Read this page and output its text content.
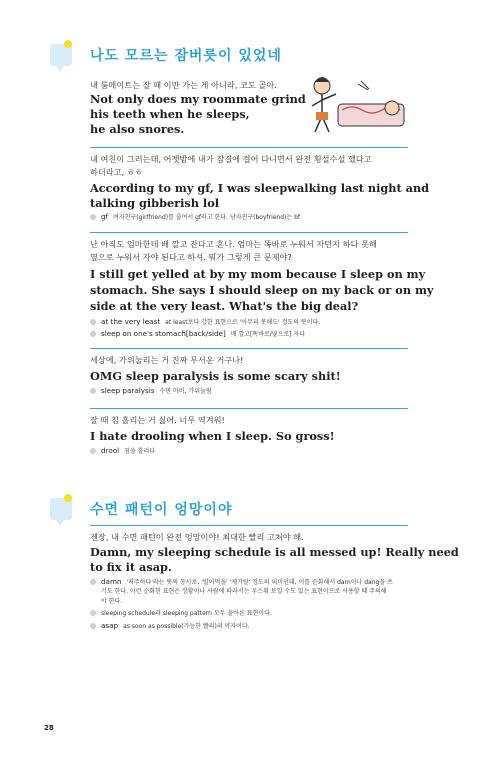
나도 모르는 잠버릇이 있었네
내 룸메이트는 잘 때 이만 가는 게 아니라, 코도 골아.
Not only does my roommate grind
his teeth when he sleeps,
he also snores.
내 여친이 그러는데, 어젯밤에 내가 잠결에 걸어 다니면서 완전 횡설수설 했다고
하더라고, ㅎㅎ
According to my gf, I was sleepwalking last night and
talking gibberish lol
gf 여자친구(girlfriend)를 줄여서 gf라고 한다. 남자친구(boyfriend)는 bf
난 아직도 엄마한테 배 깔고 잔다고 혼나. 엄마는 똑바로 누워서 자던지 하다 못해
옆으로 누워서 자야 된다고 하셔. 뭐가 그렇게 큰 문제야?
I still get yelled at by my mom because I sleep on my
stomach. She says I should sleep on my back or on my
side at the very least. What's the big deal?
at the very least at least보다 강한 표현으로 '아무리 못해도' 정도의 뜻이다.
sleep on one's stomach[back/side] 배 깔고[똑바로/옆으로] 자다
세상에, 가위눌리는 거 진짜 무서운 거구나!
OMG sleep paralysis is some scary shit!
sleep paralysis 수면 마비, 가위눌림
잘 때 침 흘리는 거 싫어. 너무 역겨워!
I hate drooling when I sleep. So gross!
drool 침을 흘리다
수면 패턴이 엉망이야
젠장, 내 수면 패턴이 완전 엉망이야! 최대한 빨리 고쳐야 해.
Damn, my sleeping schedule is all messed up! Really need
to fix it asap.
damn '저주하다'라는 뜻의 동사로, '빌어먹을' '제기랄' 정도의 의미인데, 이를 순화해서 darn이나 dang을 쓰
기도 한다. 이런 순화된 표현은 상황이나 사람에 따라서는 우스워 보일 수도 있는 표현이므로 사용할 때 주의해
야 한다.
sleeping schedule과 sleeping pattern 모두 올바른 표현이다.
asap as soon as possible(가능한 빨리)의 약자이다.
28
